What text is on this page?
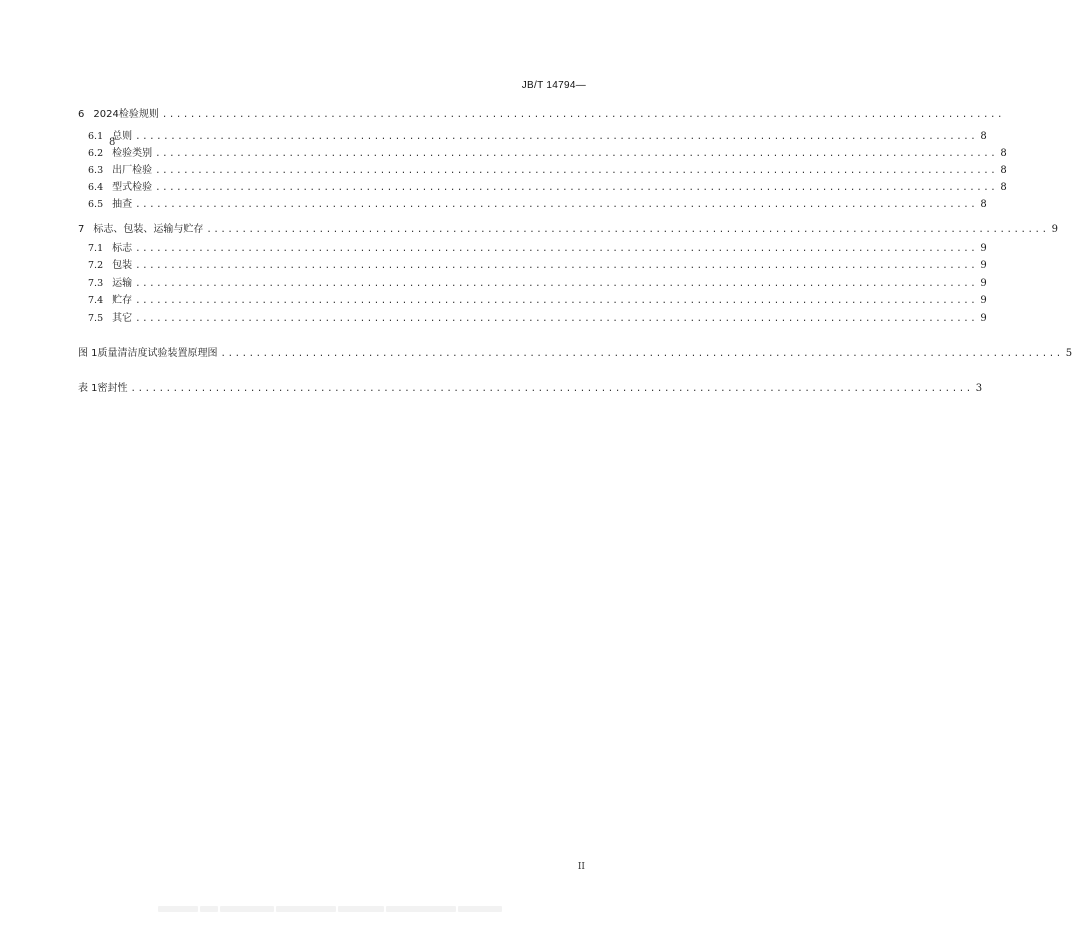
JB/T 14794—
6 2024检验规则 ........................................................................................................................
6.1 总则 ........................................................................................................................ 8
8
6.2 检验类别 ........................................................................................................................ 8
6.3 出厂检验 ........................................................................................................................ 8
6.4 型式检验 ........................................................................................................................ 8
6.5 抽查 ........................................................................................................................ 8
7 标志、包装、运输与贮存 ........................................................................................................................ 9
7.1 标志 ........................................................................................................................ 9
7.2 包装 ........................................................................................................................ 9
7.3 运输 ........................................................................................................................ 9
7.4 贮存 ........................................................................................................................ 9
7.5 其它 ........................................................................................................................ 9
图 1 质量清洁度试验装置原理图 ........................................................................................................................ 5
表 1 密封性 ........................................................................................................................ 3
II
